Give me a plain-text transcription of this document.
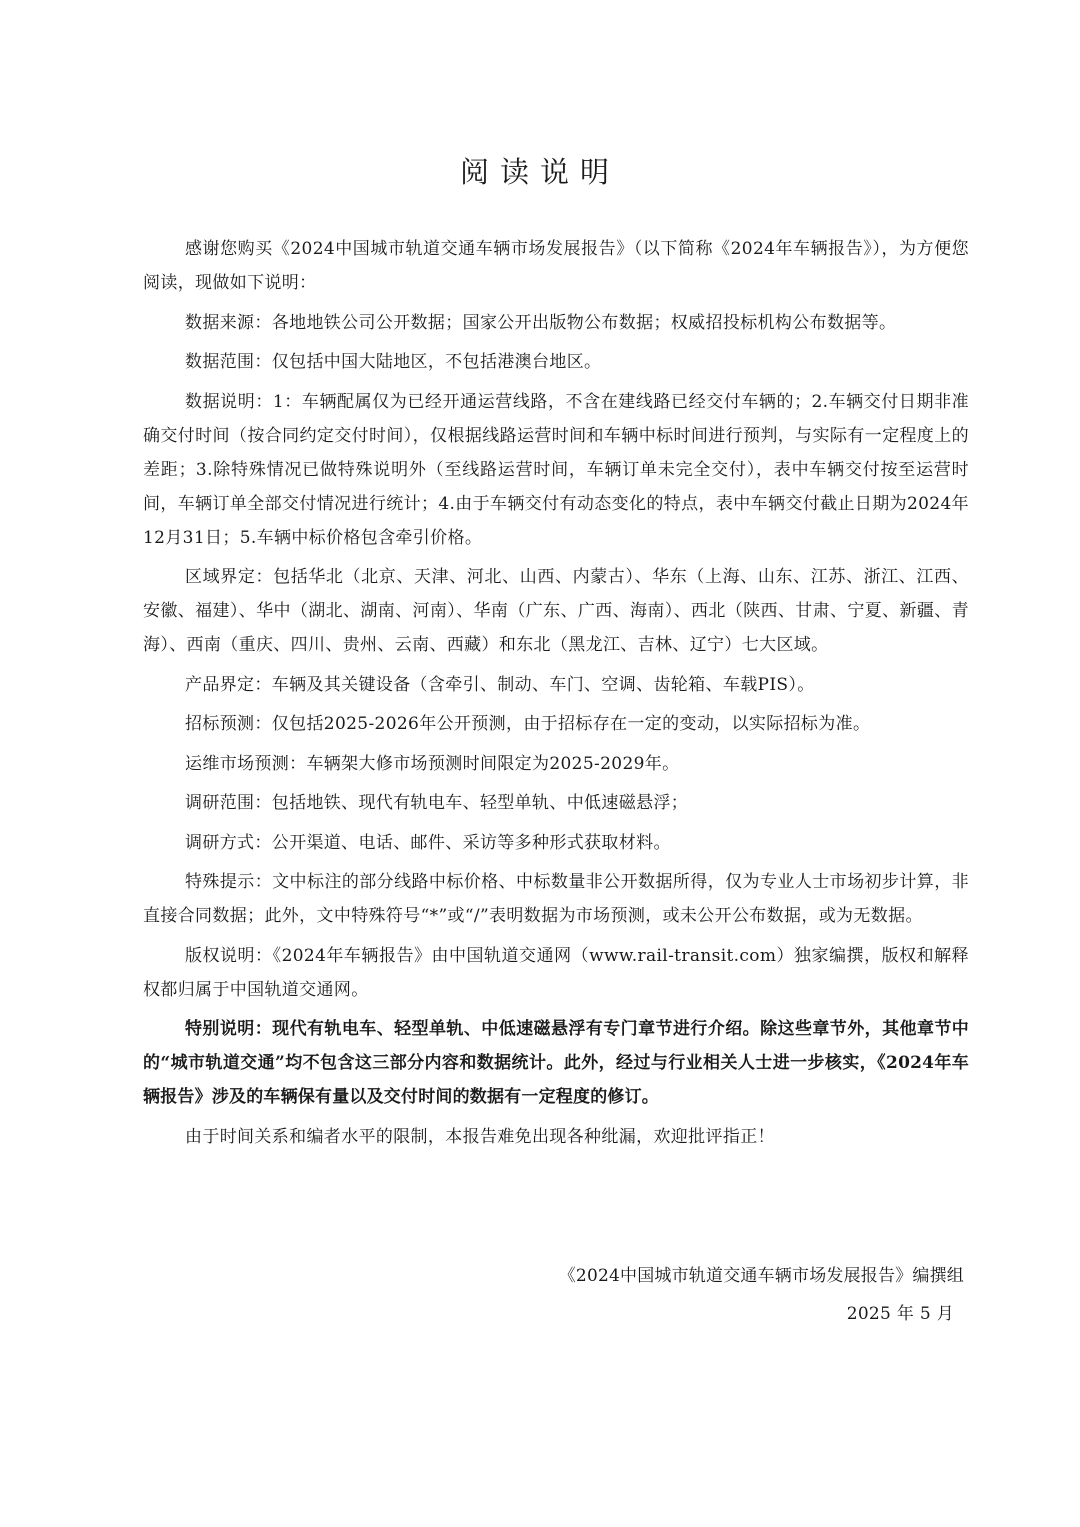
阅读说明

感谢您购买《2024中国城市轨道交通车辆市场发展报告》（以下简称《2024年车辆报告》），为方便您阅读，现做如下说明：

数据来源：各地地铁公司公开数据；国家公开出版物公布数据；权威招投标机构公布数据等。

数据范围：仅包括中国大陆地区，不包括港澳台地区。

数据说明：1：车辆配属仅为已经开通运营线路，不含在建线路已经交付车辆的；2.车辆交付日期非准确交付时间（按合同约定交付时间），仅根据线路运营时间和车辆中标时间进行预判，与实际有一定程度上的差距；3.除特殊情况已做特殊说明外（至线路运营时间，车辆订单未完全交付），表中车辆交付按至运营时间，车辆订单全部交付情况进行统计；4.由于车辆交付有动态变化的特点，表中车辆交付截止日期为2024年12月31日；5.车辆中标价格包含牵引价格。

区域界定：包括华北（北京、天津、河北、山西、内蒙古）、华东（上海、山东、江苏、浙江、江西、安徽、福建）、华中（湖北、湖南、河南）、华南（广东、广西、海南）、西北（陕西、甘肃、宁夏、新疆、青海）、西南（重庆、四川、贵州、云南、西藏）和东北（黑龙江、吉林、辽宁）七大区域。

产品界定：车辆及其关键设备（含牵引、制动、车门、空调、齿轮箱、车载PIS）。

招标预测：仅包括2025-2026年公开预测，由于招标存在一定的变动，以实际招标为准。

运维市场预测：车辆架大修市场预测时间限定为2025-2029年。

调研范围：包括地铁、现代有轨电车、轻型单轨、中低速磁悬浮；

调研方式：公开渠道、电话、邮件、采访等多种形式获取材料。

特殊提示：文中标注的部分线路中标价格、中标数量非公开数据所得，仅为专业人士市场初步计算，非直接合同数据；此外，文中特殊符号“*”或“/”表明数据为市场预测，或未公开公布数据，或为无数据。

版权说明：《2024年车辆报告》由中国轨道交通网（www.rail-transit.com）独家编撰，版权和解释权都归属于中国轨道交通网。

特别说明：现代有轨电车、轻型单轨、中低速磁悬浮有专门章节进行介绍。除这些章节外，其他章节中的“城市轨道交通”均不包含这三部分内容和数据统计。此外，经过与行业相关人士进一步核实，《2024年车辆报告》涉及的车辆保有量以及交付时间的数据有一定程度的修订。

由于时间关系和编者水平的限制，本报告难免出现各种纰漏，欢迎批评指正！

《2024中国城市轨道交通车辆市场发展报告》编撰组
2025 年 5 月
